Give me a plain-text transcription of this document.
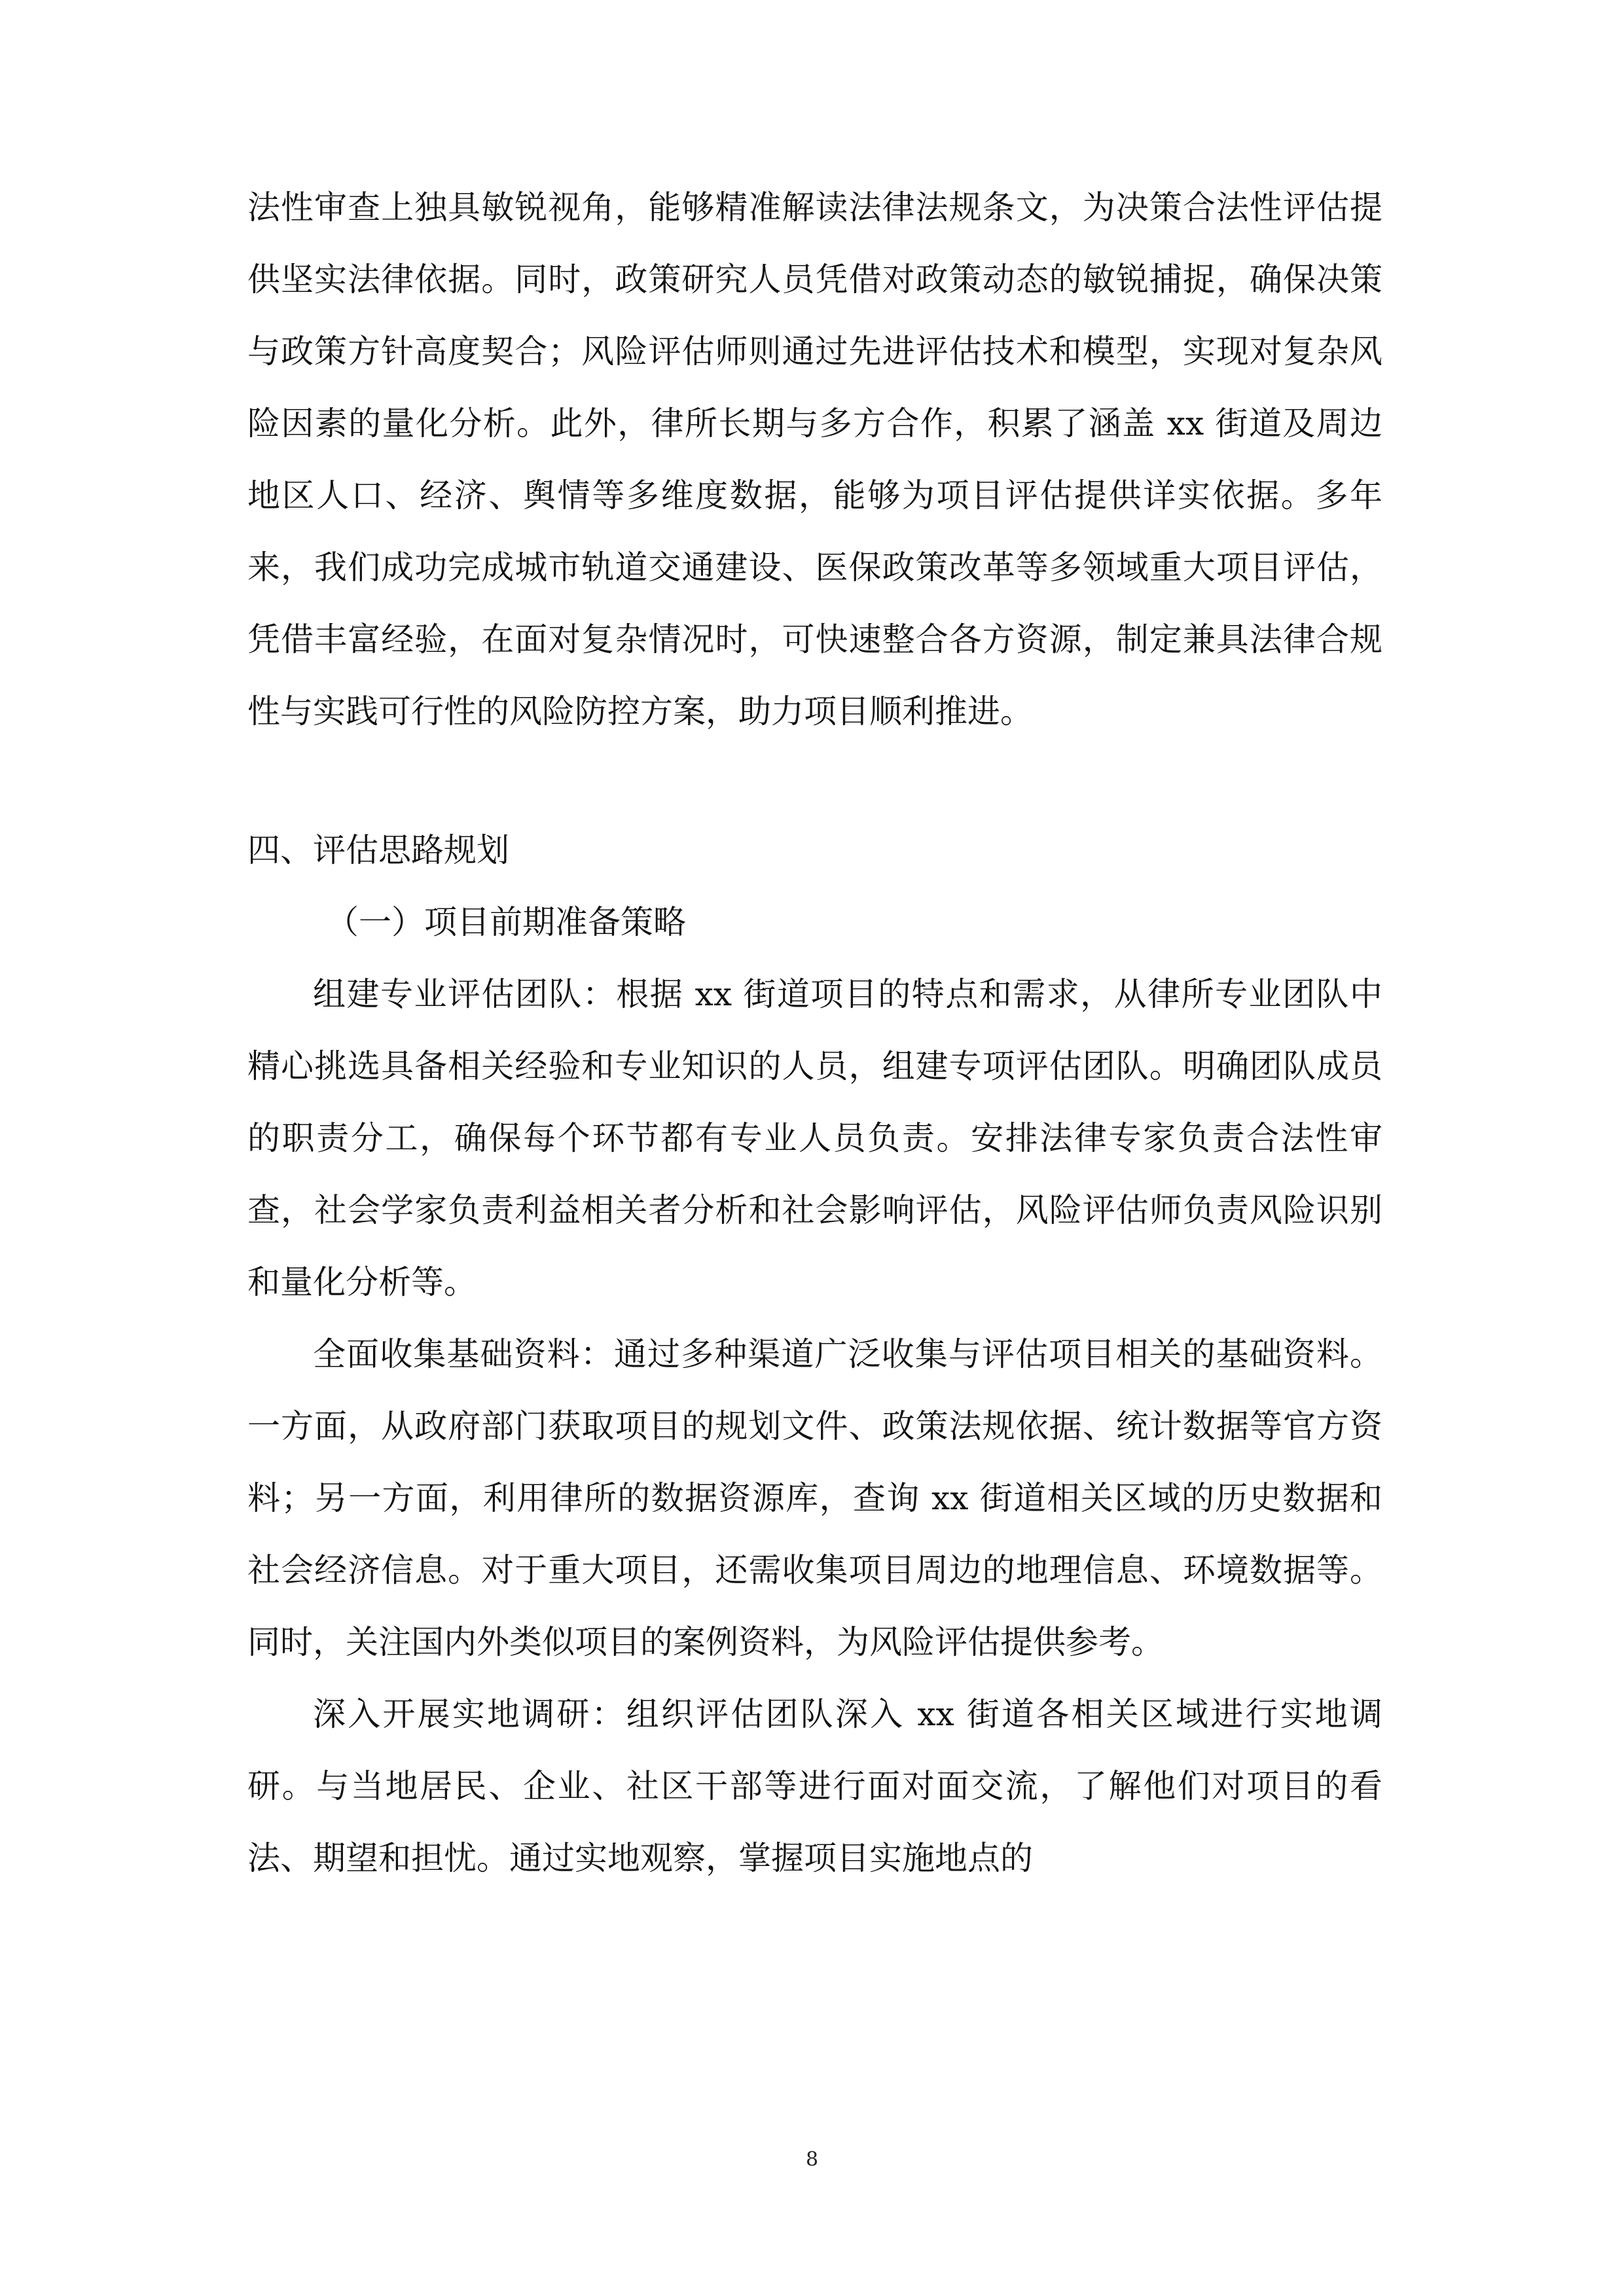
法性审查上独具敏锐视角，能够精准解读法律法规条文，为决策合法性评估提供坚实法律依据。同时，政策研究人员凭借对政策动态的敏锐捕捉，确保决策与政策方针高度契合；风险评估师则通过先进评估技术和模型，实现对复杂风险因素的量化分析。此外，律所长期与多方合作，积累了涵盖 xx 街道及周边地区人口、经济、舆情等多维度数据，能够为项目评估提供详实依据。多年来，我们成功完成城市轨道交通建设、医保政策改革等多领域重大项目评估，凭借丰富经验，在面对复杂情况时，可快速整合各方资源，制定兼具法律合规性与实践可行性的风险防控方案，助力项目顺利推进。

四、评估思路规划

（一）项目前期准备策略

组建专业评估团队：根据 xx 街道项目的特点和需求，从律所专业团队中精心挑选具备相关经验和专业知识的人员，组建专项评估团队。明确团队成员的职责分工，确保每个环节都有专业人员负责。安排法律专家负责合法性审查，社会学家负责利益相关者分析和社会影响评估，风险评估师负责风险识别和量化分析等。

全面收集基础资料：通过多种渠道广泛收集与评估项目相关的基础资料。一方面，从政府部门获取项目的规划文件、政策法规依据、统计数据等官方资料；另一方面，利用律所的数据资源库，查询 xx 街道相关区域的历史数据和社会经济信息。对于重大项目，还需收集项目周边的地理信息、环境数据等。同时，关注国内外类似项目的案例资料，为风险评估提供参考。

深入开展实地调研：组织评估团队深入 xx 街道各相关区域进行实地调研。与当地居民、企业、社区干部等进行面对面交流，了解他们对项目的看法、期望和担忧。通过实地观察，掌握项目实施地点的

8
